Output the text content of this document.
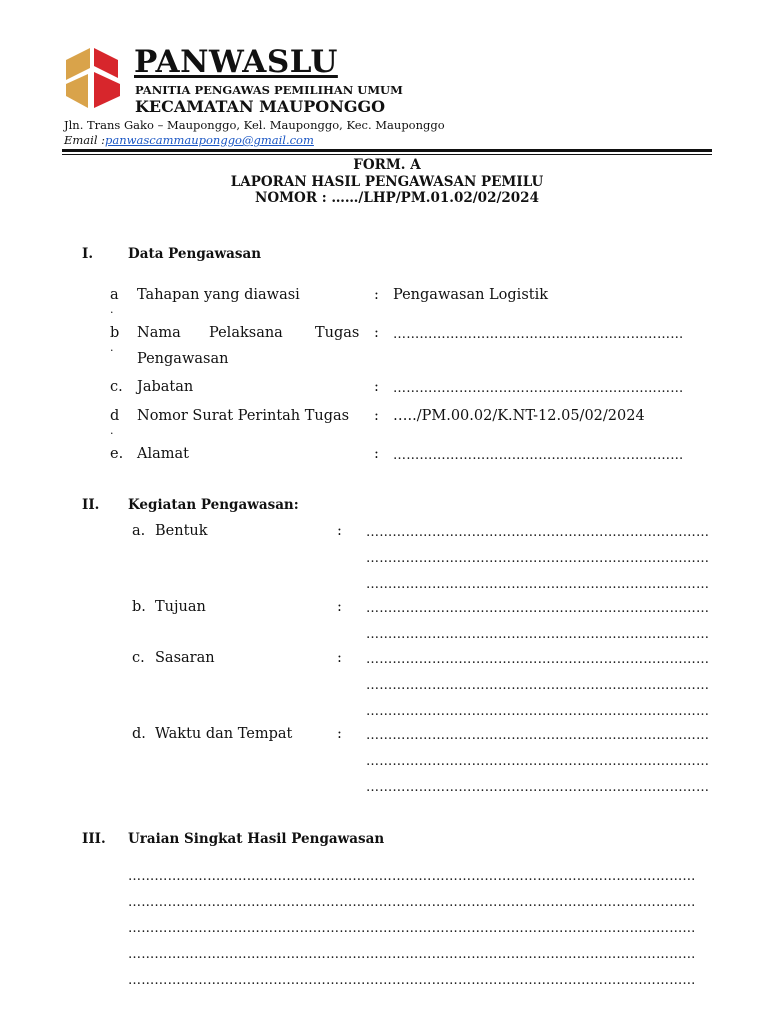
PANWASLU
PANITIA PENGAWAS PEMILIHAN UMUM
KECAMATAN MAUPONGGO
Jln. Trans Gako – Mauponggo, Kel. Mauponggo, Kec. Mauponggo
Email :panwascammauponggo@gmail.com
FORM. A
LAPORAN HASIL PENGAWASAN PEMILU
NOMOR : ……/LHP/PM.01.02/02/2024
I.	Data Pengawasan
a
.
Tahapan yang diawasi	: Pengawasan Logistik
b
.
Nama Pelaksana Tugas
Pengawasan
: …………………………………………………………
c. Jabatan	: …………………………………………………………
d
.
Nomor Surat Perintah Tugas : …../PM.00.02/K.NT-12.05/02/2024
e. Alamat	: …………………………………………………………
II. Kegiatan Pengawasan:
a. Bentuk	: ……………………………………………………………………
……………………………………………………………………
……………………………………………………………………
b. Tujuan	: ……………………………………………………………………
……………………………………………………………………
c. Sasaran	: ……………………………………………………………………
……………………………………………………………………
……………………………………………………………………
d. Waktu dan Tempat	: ……………………………………………………………………
……………………………………………………………………
……………………………………………………………………
III. Uraian Singkat Hasil Pengawasan
…………………………………………………………………………………………………………………
…………………………………………………………………………………………………………………
…………………………………………………………………………………………………………………
…………………………………………………………………………………………………………………
…………………………………………………………………………………………………………………
